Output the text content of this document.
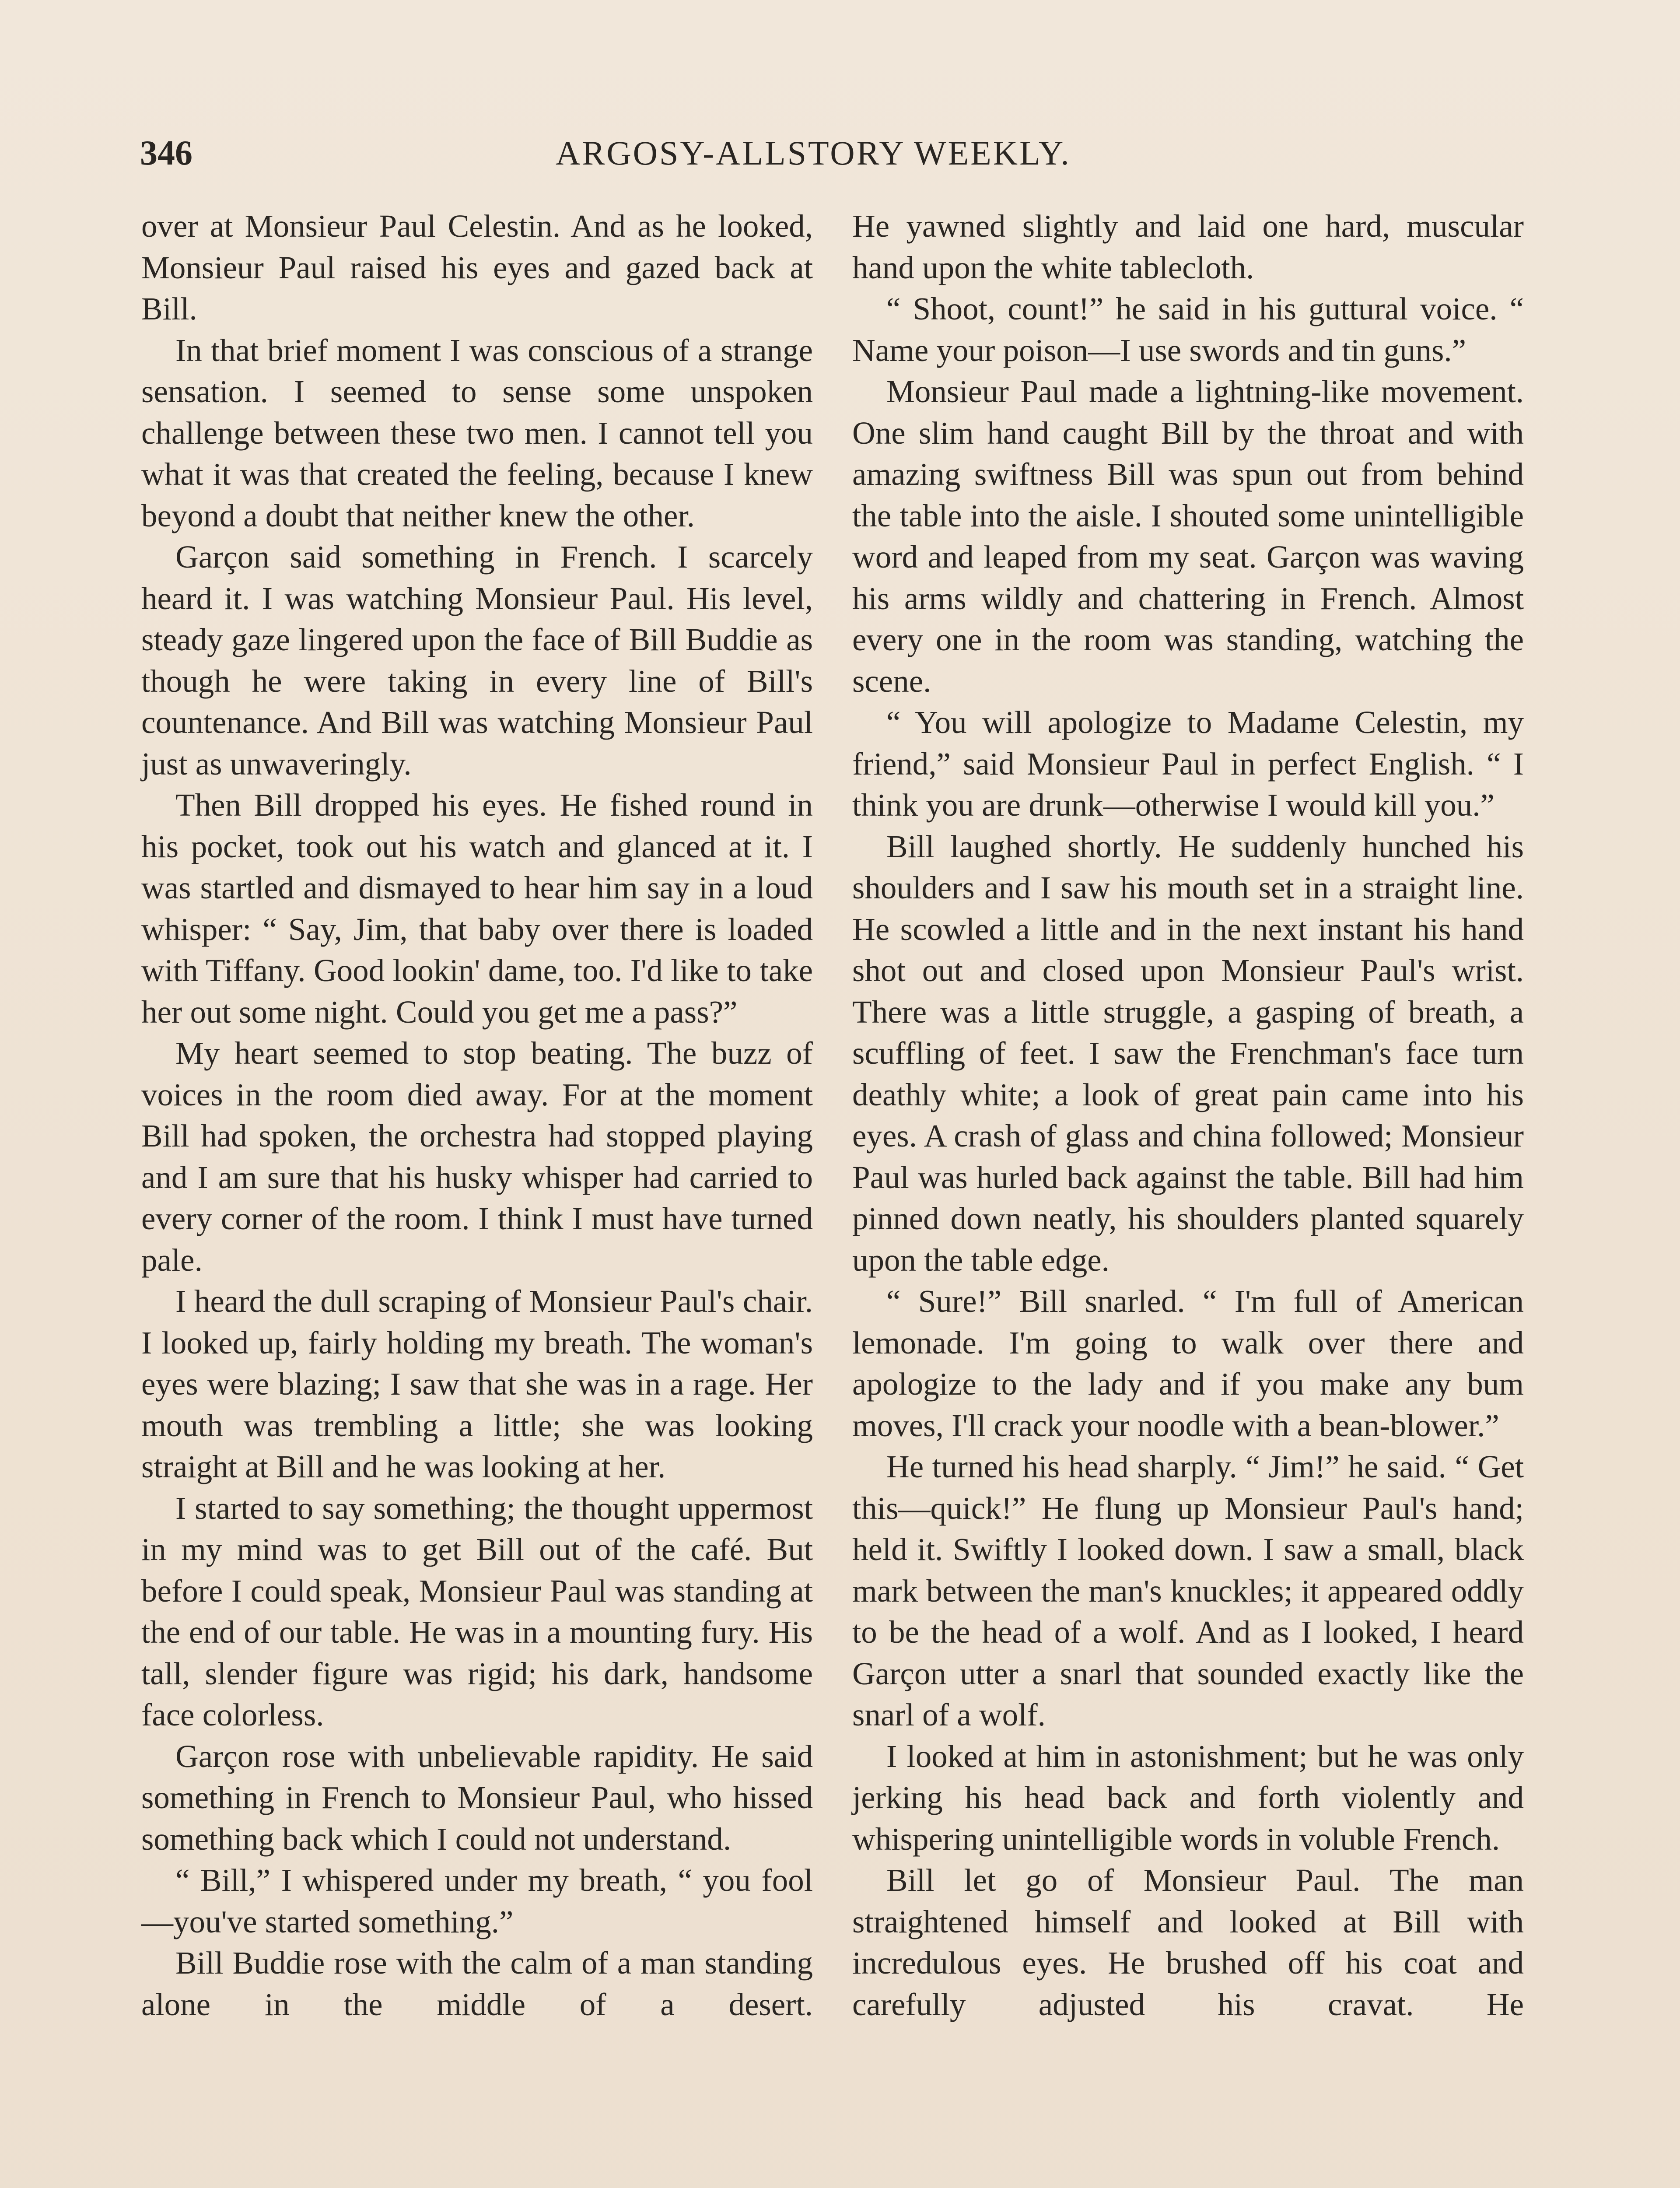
346	ARGOSY-ALLSTORY WEEKLY.

over at Monsieur Paul Celestin. And as he looked, Monsieur Paul raised his eyes and gazed back at Bill.

In that brief moment I was conscious of a strange sensation. I seemed to sense some unspoken challenge between these two men. I cannot tell you what it was that created the feeling, because I knew beyond a doubt that neither knew the other.

Garçon said something in French. I scarcely heard it. I was watching Monsieur Paul. His level, steady gaze lingered upon the face of Bill Buddie as though he were taking in every line of Bill's countenance. And Bill was watching Monsieur Paul just as unwaveringly.

Then Bill dropped his eyes. He fished round in his pocket, took out his watch and glanced at it. I was startled and dismayed to hear him say in a loud whisper: “ Say, Jim, that baby over there is loaded with Tiffany. Good lookin' dame, too. I'd like to take her out some night. Could you get me a pass?”

My heart seemed to stop beating. The buzz of voices in the room died away. For at the moment Bill had spoken, the orchestra had stopped playing and I am sure that his husky whisper had carried to every corner of the room. I think I must have turned pale.

I heard the dull scraping of Monsieur Paul's chair. I looked up, fairly holding my breath. The woman's eyes were blazing; I saw that she was in a rage. Her mouth was trembling a little; she was looking straight at Bill and he was looking at her.

I started to say something; the thought uppermost in my mind was to get Bill out of the café. But before I could speak, Monsieur Paul was standing at the end of our table. He was in a mounting fury. His tall, slender figure was rigid; his dark, handsome face colorless.

Garçon rose with unbelievable rapidity. He said something in French to Monsieur Paul, who hissed something back which I could not understand.

“ Bill,” I whispered under my breath, “ you fool—you've started something.”

Bill Buddie rose with the calm of a man standing alone in the middle of a desert.

He yawned slightly and laid one hard, muscular hand upon the white tablecloth.

“ Shoot, count!” he said in his guttural voice. “ Name your poison—I use swords and tin guns.”

Monsieur Paul made a lightning-like movement. One slim hand caught Bill by the throat and with amazing swiftness Bill was spun out from behind the table into the aisle. I shouted some unintelligible word and leaped from my seat. Garçon was waving his arms wildly and chattering in French. Almost every one in the room was standing, watching the scene.

“ You will apologize to Madame Celestin, my friend,” said Monsieur Paul in perfect English. “ I think you are drunk—otherwise I would kill you.”

Bill laughed shortly. He suddenly hunched his shoulders and I saw his mouth set in a straight line. He scowled a little and in the next instant his hand shot out and closed upon Monsieur Paul's wrist. There was a little struggle, a gasping of breath, a scuffling of feet. I saw the Frenchman's face turn deathly white; a look of great pain came into his eyes. A crash of glass and china followed; Monsieur Paul was hurled back against the table. Bill had him pinned down neatly, his shoulders planted squarely upon the table edge.

“ Sure!” Bill snarled. “ I'm full of American lemonade. I'm going to walk over there and apologize to the lady and if you make any bum moves, I'll crack your noodle with a bean-blower.”

He turned his head sharply. “ Jim!” he said. “ Get this—quick!” He flung up Monsieur Paul's hand; held it. Swiftly I looked down. I saw a small, black mark between the man's knuckles; it appeared oddly to be the head of a wolf. And as I looked, I heard Garçon utter a snarl that sounded exactly like the snarl of a wolf.

I looked at him in astonishment; but he was only jerking his head back and forth violently and whispering unintelligible words in voluble French.

Bill let go of Monsieur Paul. The man straightened himself and looked at Bill with incredulous eyes. He brushed off his coat and carefully adjusted his cravat. He
